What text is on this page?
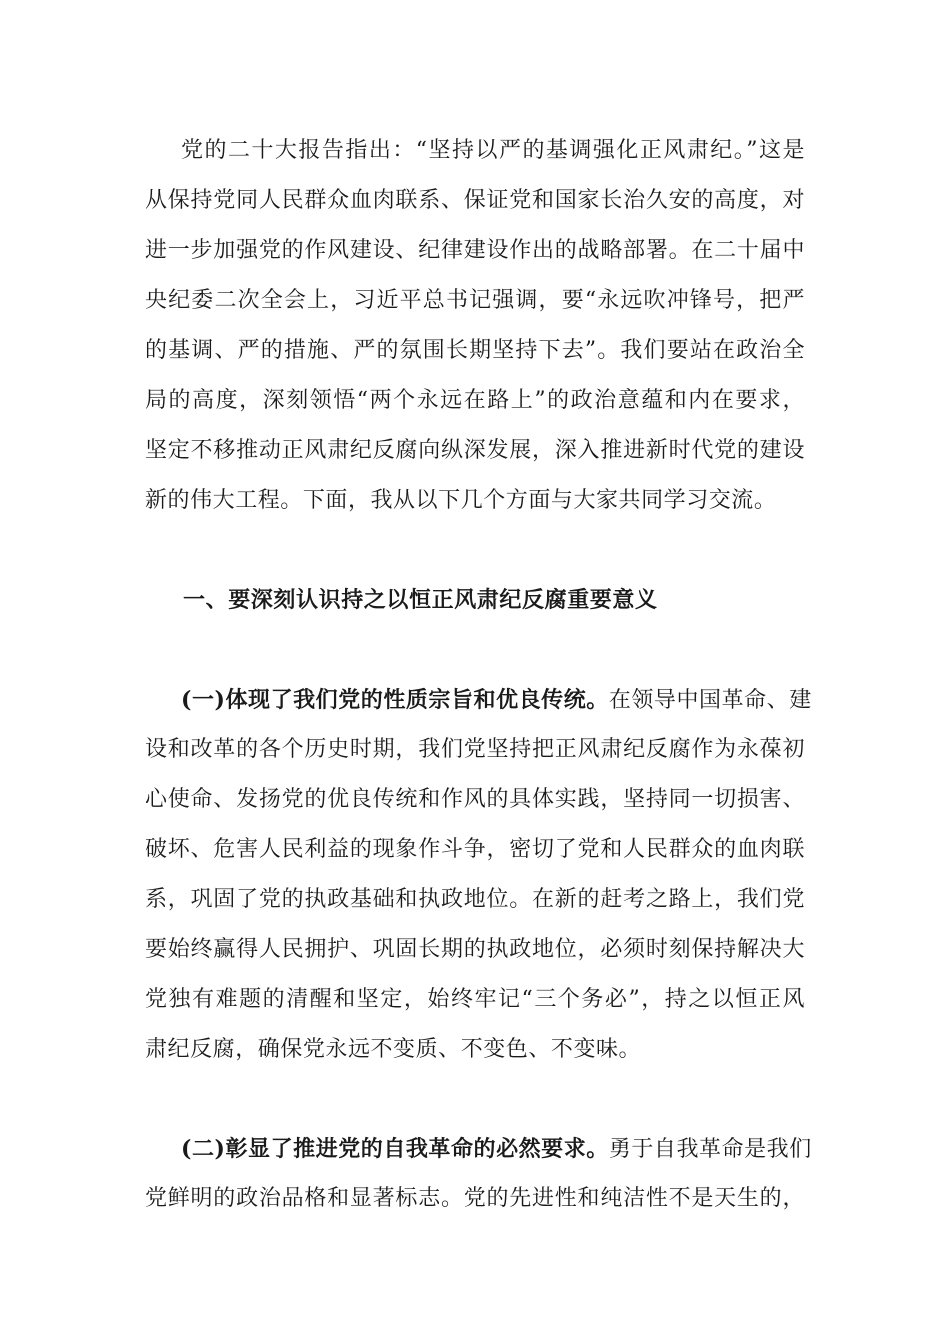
党的二十大报告指出：“坚持以严的基调强化正风肃纪。”这是
从保持党同人民群众血肉联系、保证党和国家长治久安的高度，对
进一步加强党的作风建设、纪律建设作出的战略部署。在二十届中
央纪委二次全会上，习近平总书记强调，要“永远吹冲锋号，把严
的基调、严的措施、严的氛围长期坚持下去”。我们要站在政治全
局的高度，深刻领悟“两个永远在路上”的政治意蕴和内在要求，
坚定不移推动正风肃纪反腐向纵深发展，深入推进新时代党的建设
新的伟大工程。下面，我从以下几个方面与大家共同学习交流。
一、要深刻认识持之以恒正风肃纪反腐重要意义
(一)体现了我们党的性质宗旨和优良传统。在领导中国革命、建
设和改革的各个历史时期，我们党坚持把正风肃纪反腐作为永葆初
心使命、发扬党的优良传统和作风的具体实践，坚持同一切损害、
破坏、危害人民利益的现象作斗争，密切了党和人民群众的血肉联
系，巩固了党的执政基础和执政地位。在新的赶考之路上，我们党
要始终赢得人民拥护、巩固长期的执政地位，必须时刻保持解决大
党独有难题的清醒和坚定，始终牢记“三个务必”，持之以恒正风
肃纪反腐，确保党永远不变质、不变色、不变味。
(二)彰显了推进党的自我革命的必然要求。勇于自我革命是我们
党鲜明的政治品格和显著标志。党的先进性和纯洁性不是天生的，
